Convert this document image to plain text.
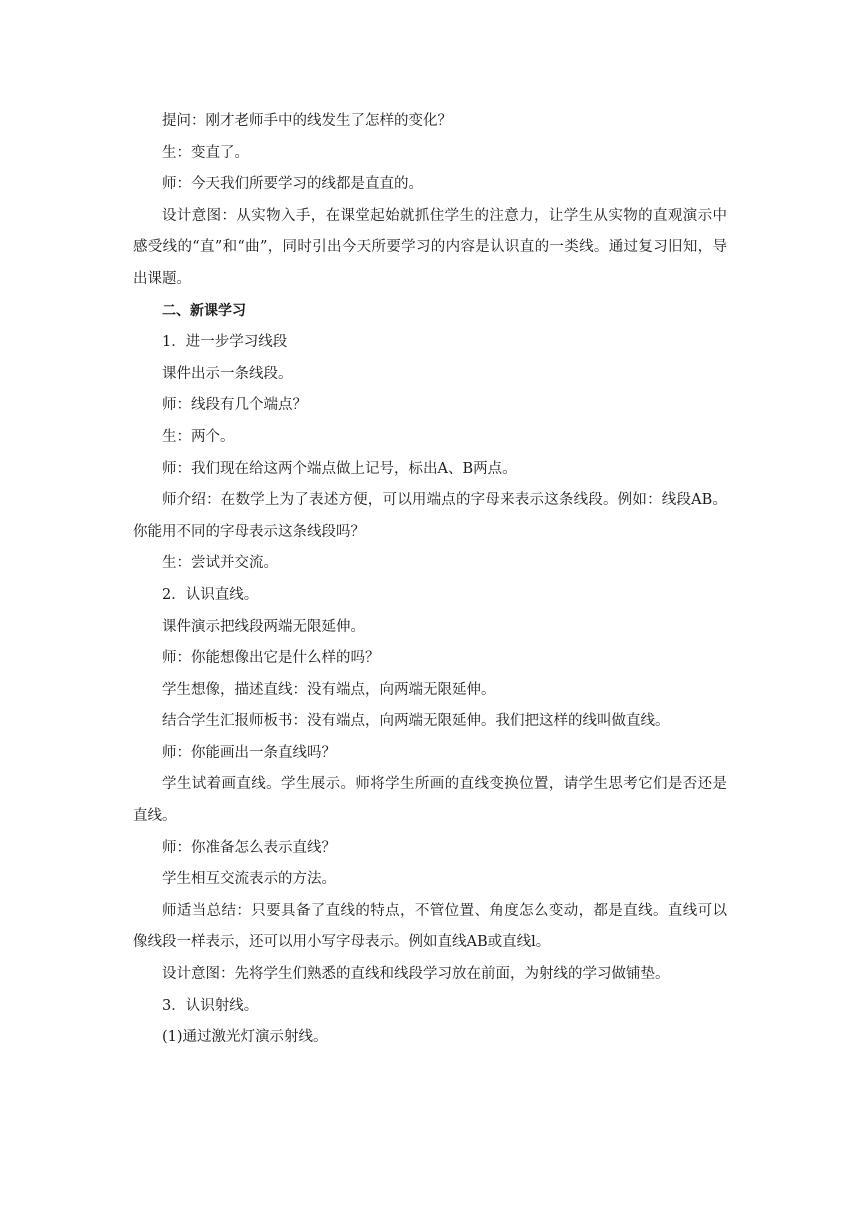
提问：刚才老师手中的线发生了怎样的变化？

生：变直了。

师：今天我们所要学习的线都是直直的。

设计意图：从实物入手，在课堂起始就抓住学生的注意力，让学生从实物的直观演示中感受线的“直”和“曲”，同时引出今天所要学习的内容是认识直的一类线。通过复习旧知，导出课题。

二、新课学习

1．进一步学习线段

课件出示一条线段。

师：线段有几个端点？

生：两个。

师：我们现在给这两个端点做上记号，标出A、B两点。

师介绍：在数学上为了表述方便，可以用端点的字母来表示这条线段。例如：线段AB。你能用不同的字母表示这条线段吗？

生：尝试并交流。

2．认识直线。

课件演示把线段两端无限延伸。

师：你能想像出它是什么样的吗？

学生想像，描述直线：没有端点，向两端无限延伸。

结合学生汇报师板书：没有端点，向两端无限延伸。我们把这样的线叫做直线。

师：你能画出一条直线吗？

学生试着画直线。学生展示。师将学生所画的直线变换位置，请学生思考它们是否还是直线。

师：你准备怎么表示直线？

学生相互交流表示的方法。

师适当总结：只要具备了直线的特点，不管位置、角度怎么变动，都是直线。直线可以像线段一样表示，还可以用小写字母表示。例如直线AB或直线l。

设计意图：先将学生们熟悉的直线和线段学习放在前面，为射线的学习做铺垫。

3．认识射线。

(1)通过激光灯演示射线。
